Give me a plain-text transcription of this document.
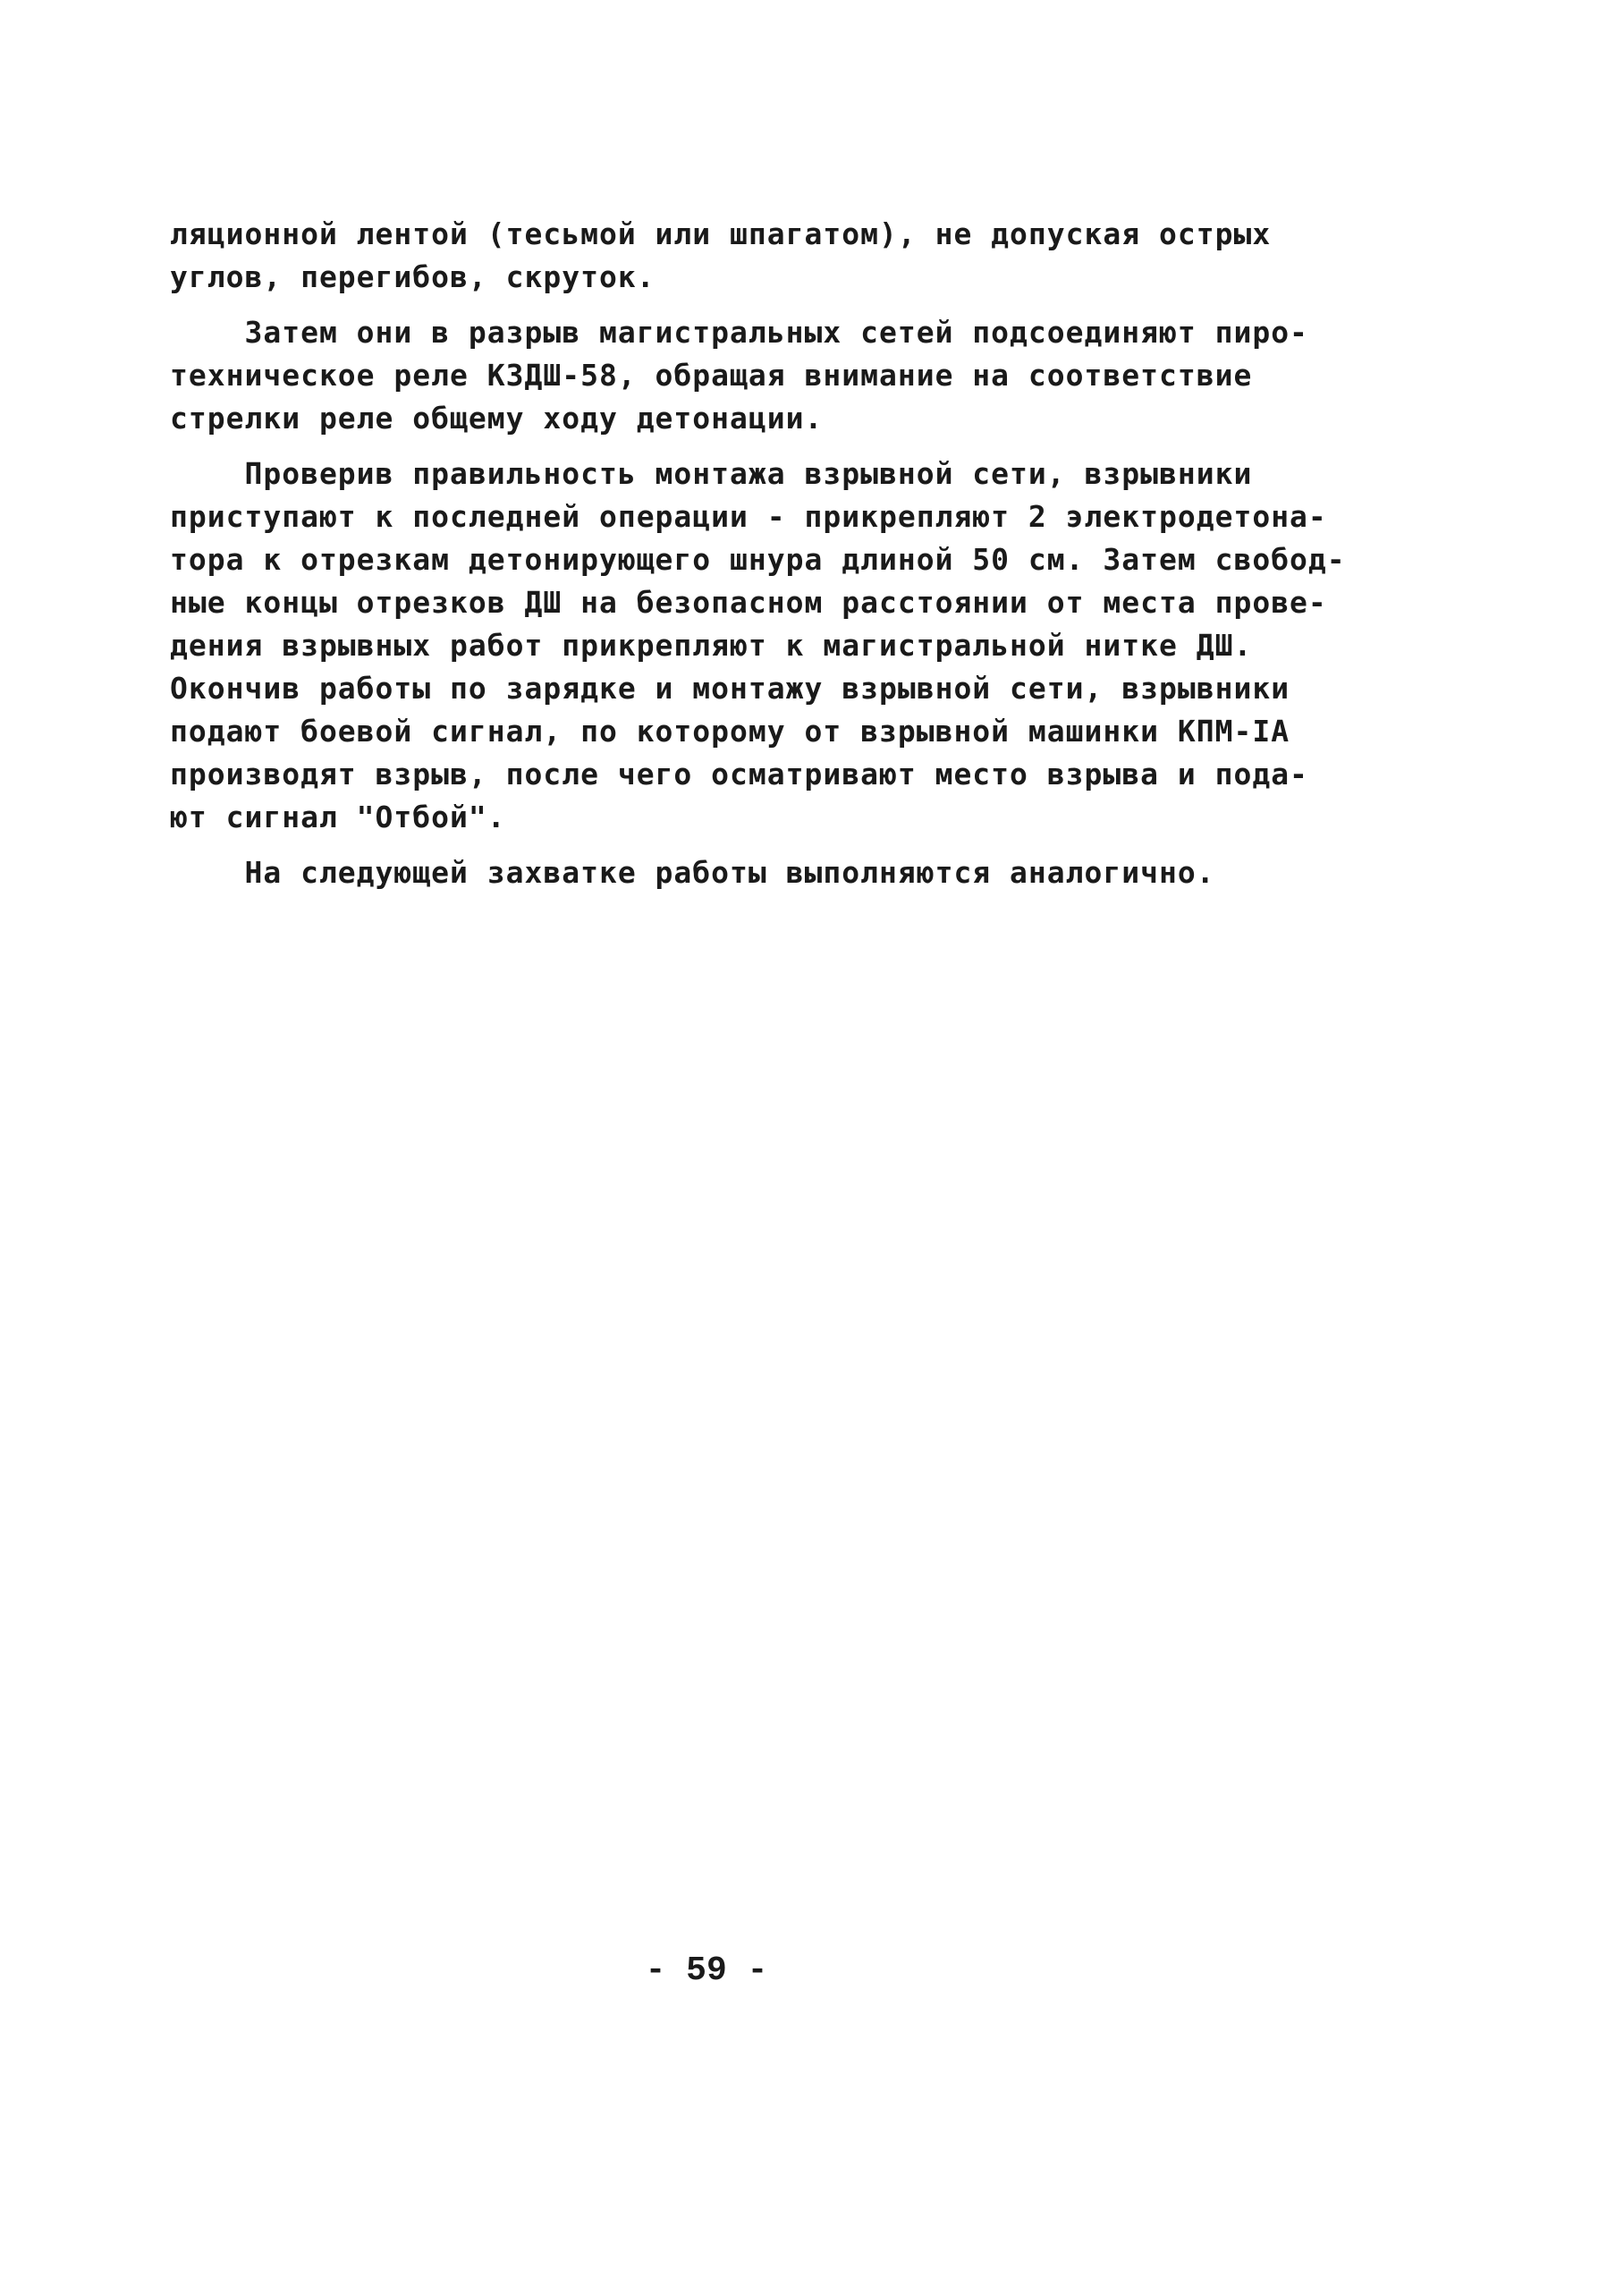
ляционной лентой (тесьмой или шпагатом), не допуская острых
углов, перегибов, скруток.
Затем они в разрыв магистральных сетей подсоединяют пиро-
техническое реле КЗДШ-58, обращая внимание на соответствие
стрелки реле общему ходу детонации.
Проверив правильность монтажа взрывной сети, взрывники
приступают к последней операции - прикрепляют 2 электродетона-
тора к отрезкам детонирующего шнура длиной 50 см. Затем свобод-
ные концы отрезков ДШ на безопасном расстоянии от места прове-
дения взрывных работ прикрепляют к магистральной нитке ДШ.
Окончив работы по зарядке и монтажу взрывной сети, взрывники
подают боевой сигнал, по которому от взрывной машинки КПМ-IА
производят взрыв, после чего осматривают место взрыва и пода-
ют сигнал "Отбой".
На следующей захватке работы выполняются аналогично.
- 59 -
